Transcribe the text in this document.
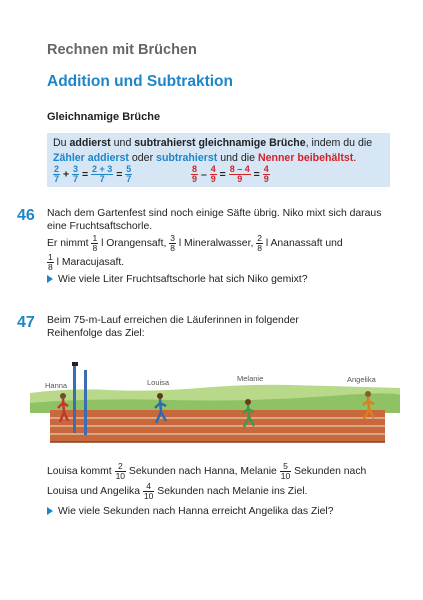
Rechnen mit Brüchen
Addition und Subtraktion
Gleichnamige Brüche
Du addierst und subtrahierst gleichnamige Brüche, indem du die
Zähler addierst oder subtrahierst und die Nenner beibehältst.
$\frac{2}{7} + \frac{3}{7} = \frac{2 + 3}{7} = \frac{5}{7}$	$\frac{8}{9} - \frac{4}{9} = \frac{8 - 4}{9} = \frac{4}{9}$
46 Nach dem Gartenfest sind noch einige Säfte übrig. Niko mixt sich daraus
eine Fruchtsaftschorle.
Er nimmt $\frac{1}{8}$ l Orangensaft, $\frac{3}{8}$ l Mineralwasser, $\frac{2}{8}$ l Ananassaft und
$\frac{1}{8}$ l Maracujasaft.
Wie viele Liter Fruchtsaftschorle hat sich Niko gemixt?
47 Beim 75-m-Lauf erreichen die Läuferinnen in folgender
Reihenfolge das Ziel:
Hanna	Louisa	Melanie	Angelika
Louisa kommt $\frac{2}{10}$ Sekunden nach Hanna, Melanie $\frac{5}{10}$ Sekunden nach
Louisa und Angelika $\frac{4}{10}$ Sekunden nach Melanie ins Ziel.
Wie viele Sekunden nach Hanna erreicht Angelika das Ziel?
